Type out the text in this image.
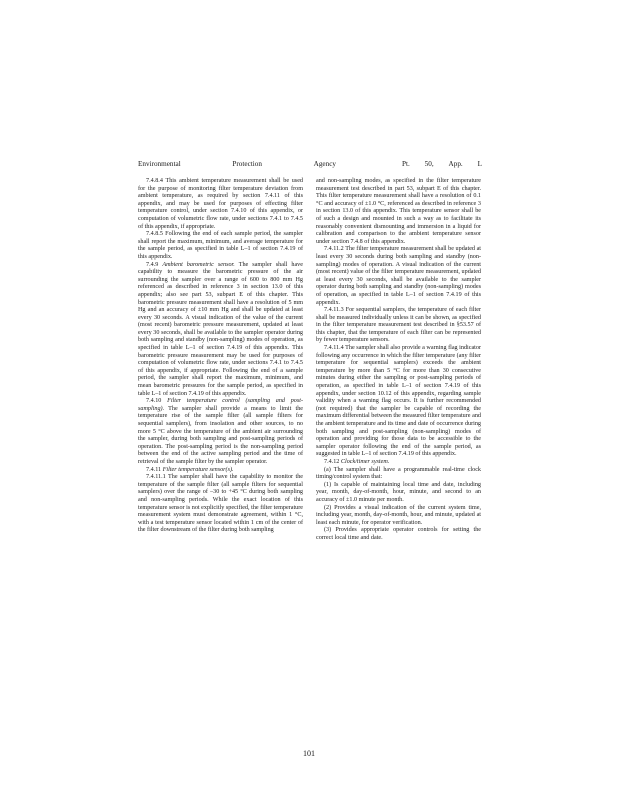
Environmental	Protection	Agency	Pt. 50, App. L

7.4.8.4 This ambient temperature measurement shall be used for the purpose of monitoring filter temperature deviation from ambient temperature, as required by section 7.4.11 of this appendix, and may be used for purposes of effecting filter temperature control, under section 7.4.10 of this appendix, or computation of volumetric flow rate, under sections 7.4.1 to 7.4.5 of this appendix, if appropriate.

7.4.8.5 Following the end of each sample period, the sampler shall report the maximum, minimum, and average temperature for the sample period, as specified in table L–1 of section 7.4.19 of this appendix.

7.4.9 Ambient barometric sensor. The sampler shall have capability to measure the barometric pressure of the air surrounding the sampler over a range of 600 to 800 mm Hg referenced as described in reference 3 in section 13.0 of this appendix; also see part 53, subpart E of this chapter. This barometric pressure measurement shall have a resolution of 5 mm Hg and an accuracy of ±10 mm Hg and shall be updated at least every 30 seconds. A visual indication of the value of the current (most recent) barometric pressure measurement, updated at least every 30 seconds, shall be available to the sampler operator during both sampling and standby (non-sampling) modes of operation, as specified in table L–1 of section 7.4.19 of this appendix. This barometric pressure measurement may be used for purposes of computation of volumetric flow rate, under sections 7.4.1 to 7.4.5 of this appendix, if appropriate. Following the end of a sample period, the sampler shall report the maximum, minimum, and mean barometric pressures for the sample period, as specified in table L–1 of section 7.4.19 of this appendix.

7.4.10 Filter temperature control (sampling and post-sampling). The sampler shall provide a means to limit the temperature rise of the sample filter (all sample filters for sequential samplers), from insolation and other sources, to no more 5 °C above the temperature of the ambient air surrounding the sampler, during both sampling and post-sampling periods of operation. The post-sampling period is the non-sampling period between the end of the active sampling period and the time of retrieval of the sample filter by the sampler operator.

7.4.11 Filter temperature sensor(s).

7.4.11.1 The sampler shall have the capability to monitor the temperature of the sample filter (all sample filters for sequential samplers) over the range of –30 to +45 °C during both sampling and non-sampling periods. While the exact location of this temperature sensor is not explicitly specified, the filter temperature measurement system must demonstrate agreement, within 1 °C, with a test temperature sensor located within 1 cm of the center of the filter downstream of the filter during both sampling

and non-sampling modes, as specified in the filter temperature measurement test described in part 53, subpart E of this chapter. This filter temperature measurement shall have a resolution of 0.1 °C and accuracy of ±1.0 °C, referenced as described in reference 3 in section 13.0 of this appendix. This temperature sensor shall be of such a design and mounted in such a way as to facilitate its reasonably convenient dismounting and immersion in a liquid for calibration and comparison to the ambient temperature sensor under section 7.4.8 of this appendix.

7.4.11.2 The filter temperature measurement shall be updated at least every 30 seconds during both sampling and standby (non-sampling) modes of operation. A visual indication of the current (most recent) value of the filter temperature measurement, updated at least every 30 seconds, shall be available to the sampler operator during both sampling and standby (non-sampling) modes of operation, as specified in table L–1 of section 7.4.19 of this appendix.

7.4.11.3 For sequential samplers, the temperature of each filter shall be measured individually unless it can be shown, as specified in the filter temperature measurement test described in §53.57 of this chapter, that the temperature of each filter can be represented by fewer temperature sensors.

7.4.11.4 The sampler shall also provide a warning flag indicator following any occurrence in which the filter temperature (any filter temperature for sequential samplers) exceeds the ambient temperature by more than 5 °C for more than 30 consecutive minutes during either the sampling or post-sampling periods of operation, as specified in table L–1 of section 7.4.19 of this appendix, under section 10.12 of this appendix, regarding sample validity when a warning flag occurs. It is further recommended (not required) that the sampler be capable of recording the maximum differential between the measured filter temperature and the ambient temperature and its time and date of occurrence during both sampling and post-sampling (non-sampling) modes of operation and providing for those data to be accessible to the sampler operator following the end of the sample period, as suggested in table L–1 of section 7.4.19 of this appendix.

7.4.12 Clock/timer system.

(a) The sampler shall have a programmable real-time clock timing/control system that:

(1) Is capable of maintaining local time and date, including year, month, day-of-month, hour, minute, and second to an accuracy of ±1.0 minute per month.

(2) Provides a visual indication of the current system time, including year, month, day-of-month, hour, and minute, updated at least each minute, for operator verification.

(3) Provides appropriate operator controls for setting the correct local time and date.

101
